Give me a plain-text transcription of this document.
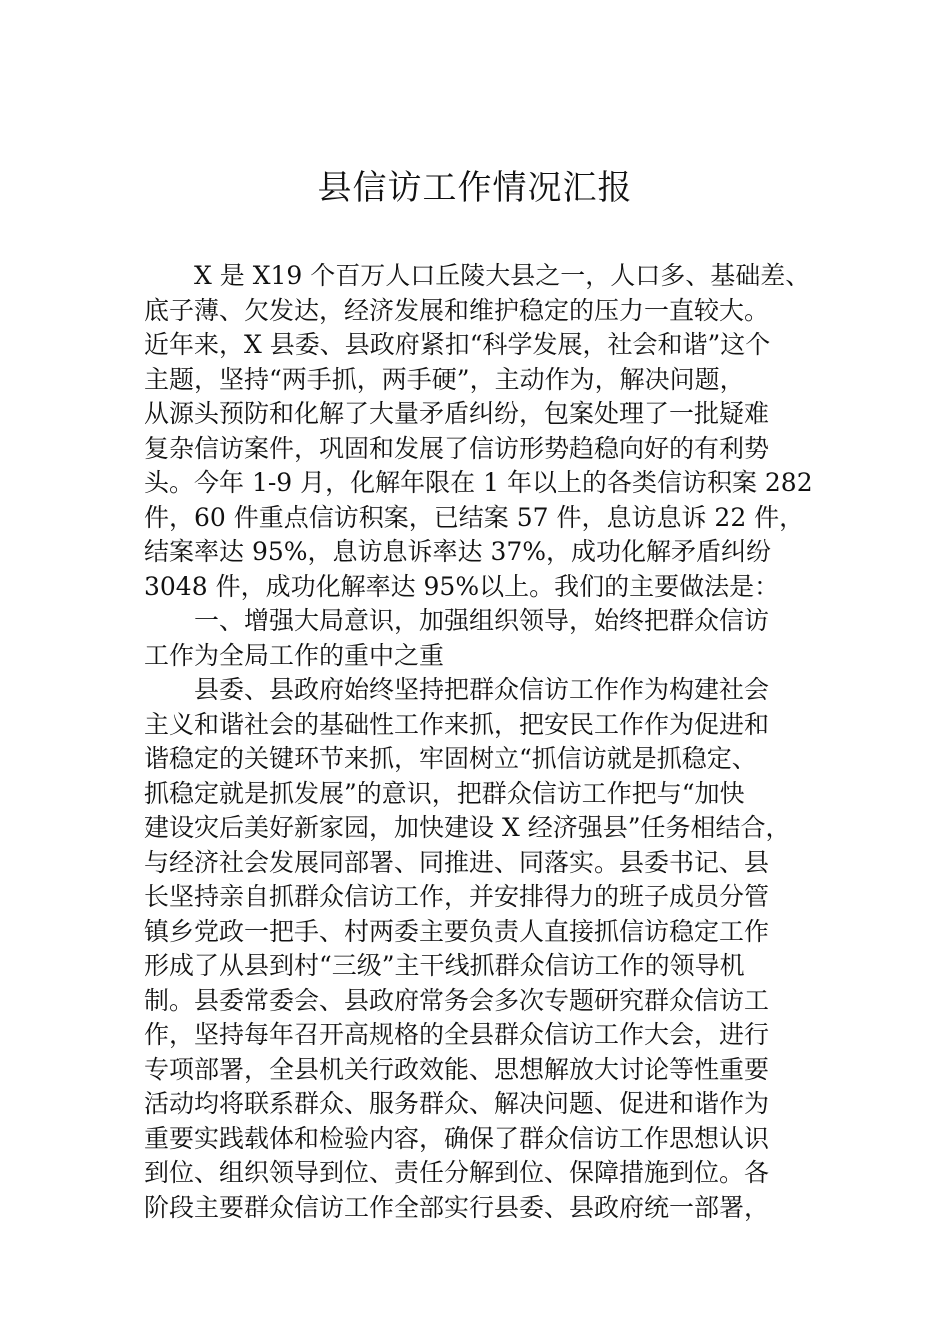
县信访工作情况汇报
X 是 X19 个百万人口丘陵大县之一，人口多、基础差、
底子薄、欠发达，经济发展和维护稳定的压力一直较大。
近年来，X 县委、县政府紧扣“科学发展，社会和谐”这个
主题，坚持“两手抓，两手硬”，主动作为，解决问题，
从源头预防和化解了大量矛盾纠纷，包案处理了一批疑难
复杂信访案件，巩固和发展了信访形势趋稳向好的有利势
头。今年 1-9 月，化解年限在 1 年以上的各类信访积案 282
件，60 件重点信访积案，已结案 57 件，息访息诉 22 件，
结案率达 95%，息访息诉率达 37%，成功化解矛盾纠纷
3048 件，成功化解率达 95%以上。我们的主要做法是：
一、增强大局意识，加强组织领导，始终把群众信访
工作为全局工作的重中之重
县委、县政府始终坚持把群众信访工作作为构建社会
主义和谐社会的基础性工作来抓，把安民工作作为促进和
谐稳定的关键环节来抓，牢固树立“抓信访就是抓稳定、
抓稳定就是抓发展”的意识，把群众信访工作把与“加快
建设灾后美好新家园，加快建设 X 经济强县”任务相结合，
与经济社会发展同部署、同推进、同落实。县委书记、县
长坚持亲自抓群众信访工作，并安排得力的班子成员分管
镇乡党政一把手、村两委主要负责人直接抓信访稳定工作
形成了从县到村“三级”主干线抓群众信访工作的领导机
制。县委常委会、县政府常务会多次专题研究群众信访工
作，坚持每年召开高规格的全县群众信访工作大会，进行
专项部署，全县机关行政效能、思想解放大讨论等性重要
活动均将联系群众、服务群众、解决问题、促进和谐作为
重要实践载体和检验内容，确保了群众信访工作思想认识
到位、组织领导到位、责任分解到位、保障措施到位。各
阶段主要群众信访工作全部实行县委、县政府统一部署，
